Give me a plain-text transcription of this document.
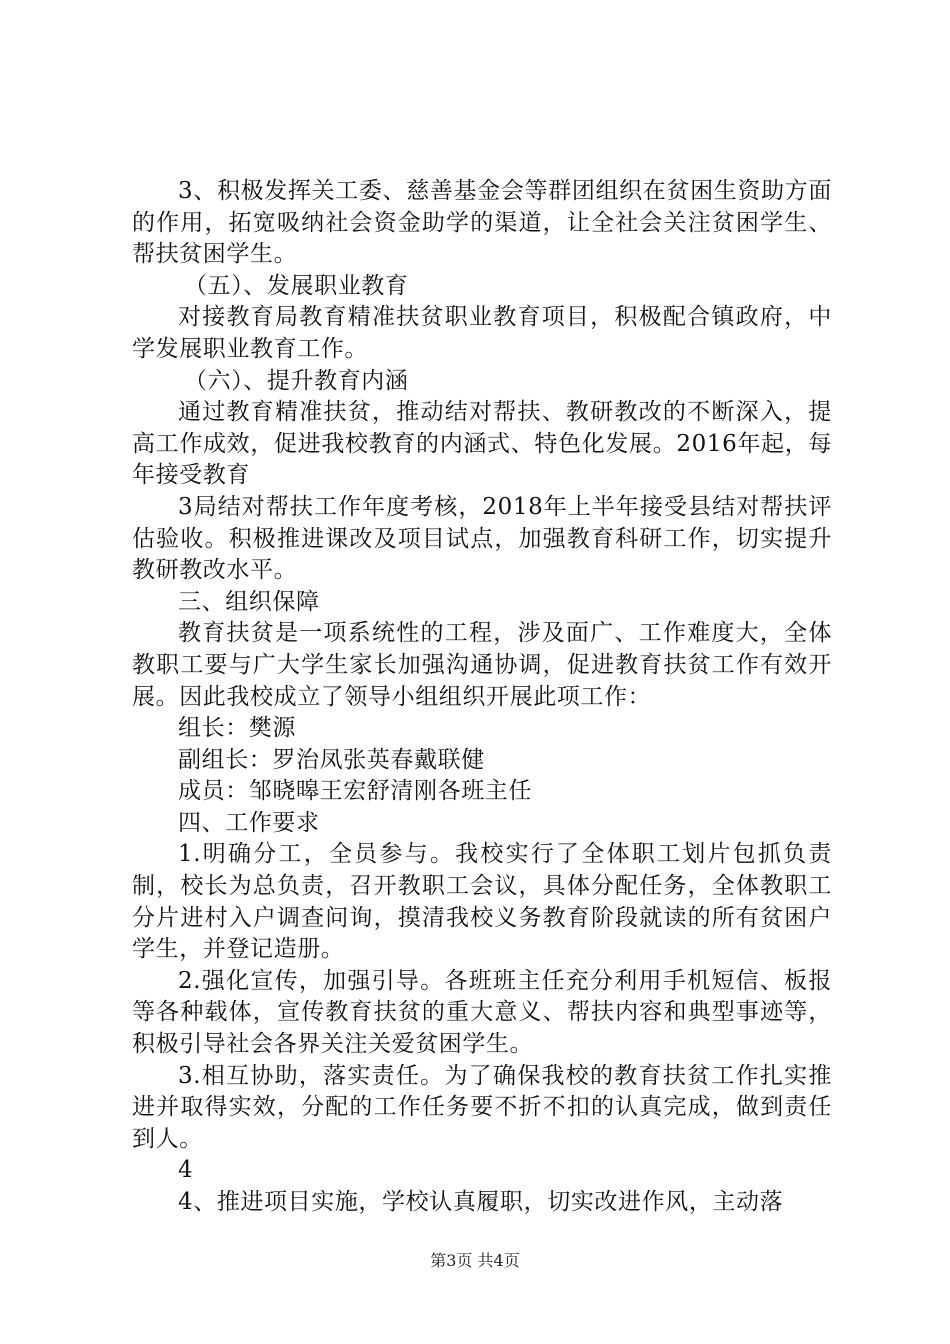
3、积极发挥关工委、慈善基金会等群团组织在贫困生资助方面的作用，拓宽吸纳社会资金助学的渠道，让全社会关注贫困学生、帮扶贫困学生。

（五）、发展职业教育

对接教育局教育精准扶贫职业教育项目，积极配合镇政府，中学发展职业教育工作。

（六）、提升教育内涵

通过教育精准扶贫，推动结对帮扶、教研教改的不断深入，提高工作成效，促进我校教育的内涵式、特色化发展。2016年起，每年接受教育

3局结对帮扶工作年度考核，2018年上半年接受县结对帮扶评估验收。积极推进课改及项目试点，加强教育科研工作，切实提升教研教改水平。

三、组织保障

教育扶贫是一项系统性的工程，涉及面广、工作难度大，全体教职工要与广大学生家长加强沟通协调，促进教育扶贫工作有效开展。因此我校成立了领导小组组织开展此项工作：

组长：樊源

副组长：罗治凤张英春戴联健

成员：邹晓暤王宏舒清刚各班主任

四、工作要求

1.明确分工，全员参与。我校实行了全体职工划片包抓负责制，校长为总负责，召开教职工会议，具体分配任务，全体教职工分片进村入户调查问询，摸清我校义务教育阶段就读的所有贫困户学生，并登记造册。

2.强化宣传，加强引导。各班班主任充分利用手机短信、板报等各种载体，宣传教育扶贫的重大意义、帮扶内容和典型事迹等，积极引导社会各界关注关爱贫困学生。

3.相互协助，落实责任。为了确保我校的教育扶贫工作扎实推进并取得实效，分配的工作任务要不折不扣的认真完成，做到责任到人。

4

4、推进项目实施，学校认真履职，切实改进作风，主动落

第3页 共4页
